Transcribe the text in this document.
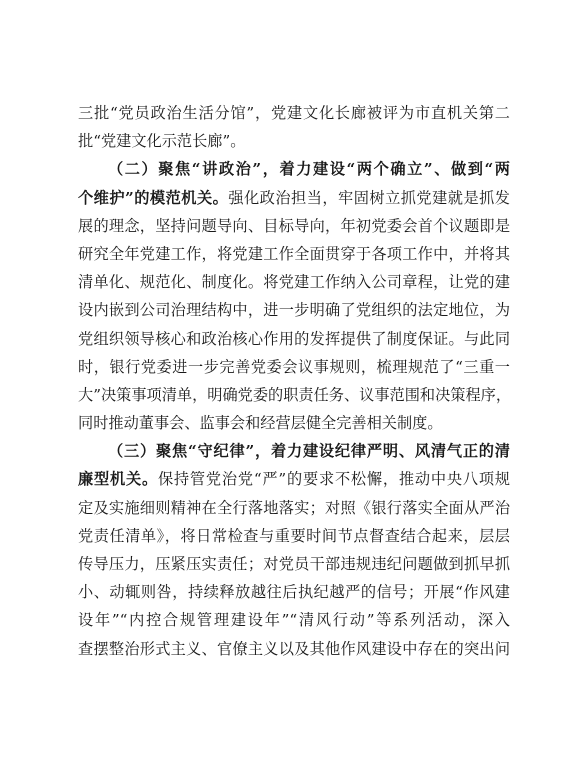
三批“党员政治生活分馆”，党建文化长廊被评为市直机关第二
批“党建文化示范长廊”。
（二）聚焦“讲政治”，着力建设“两个确立”、做到“两
个维护”的模范机关。强化政治担当，牢固树立抓党建就是抓发
展的理念，坚持问题导向、目标导向，年初党委会首个议题即是
研究全年党建工作，将党建工作全面贯穿于各项工作中，并将其
清单化、规范化、制度化。将党建工作纳入公司章程，让党的建
设内嵌到公司治理结构中，进一步明确了党组织的法定地位，为
党组织领导核心和政治核心作用的发挥提供了制度保证。与此同
时，银行党委进一步完善党委会议事规则，梳理规范了“三重一
大”决策事项清单，明确党委的职责任务、议事范围和决策程序，
同时推动董事会、监事会和经营层健全完善相关制度。
（三）聚焦“守纪律”，着力建设纪律严明、风清气正的清
廉型机关。保持管党治党“严”的要求不松懈，推动中央八项规
定及实施细则精神在全行落地落实；对照《银行落实全面从严治
党责任清单》，将日常检查与重要时间节点督查结合起来，层层
传导压力，压紧压实责任；对党员干部违规违纪问题做到抓早抓
小、动辄则咎，持续释放越往后执纪越严的信号；开展“作风建
设年”“内控合规管理建设年”“清风行动”等系列活动，深入
查摆整治形式主义、官僚主义以及其他作风建设中存在的突出问
